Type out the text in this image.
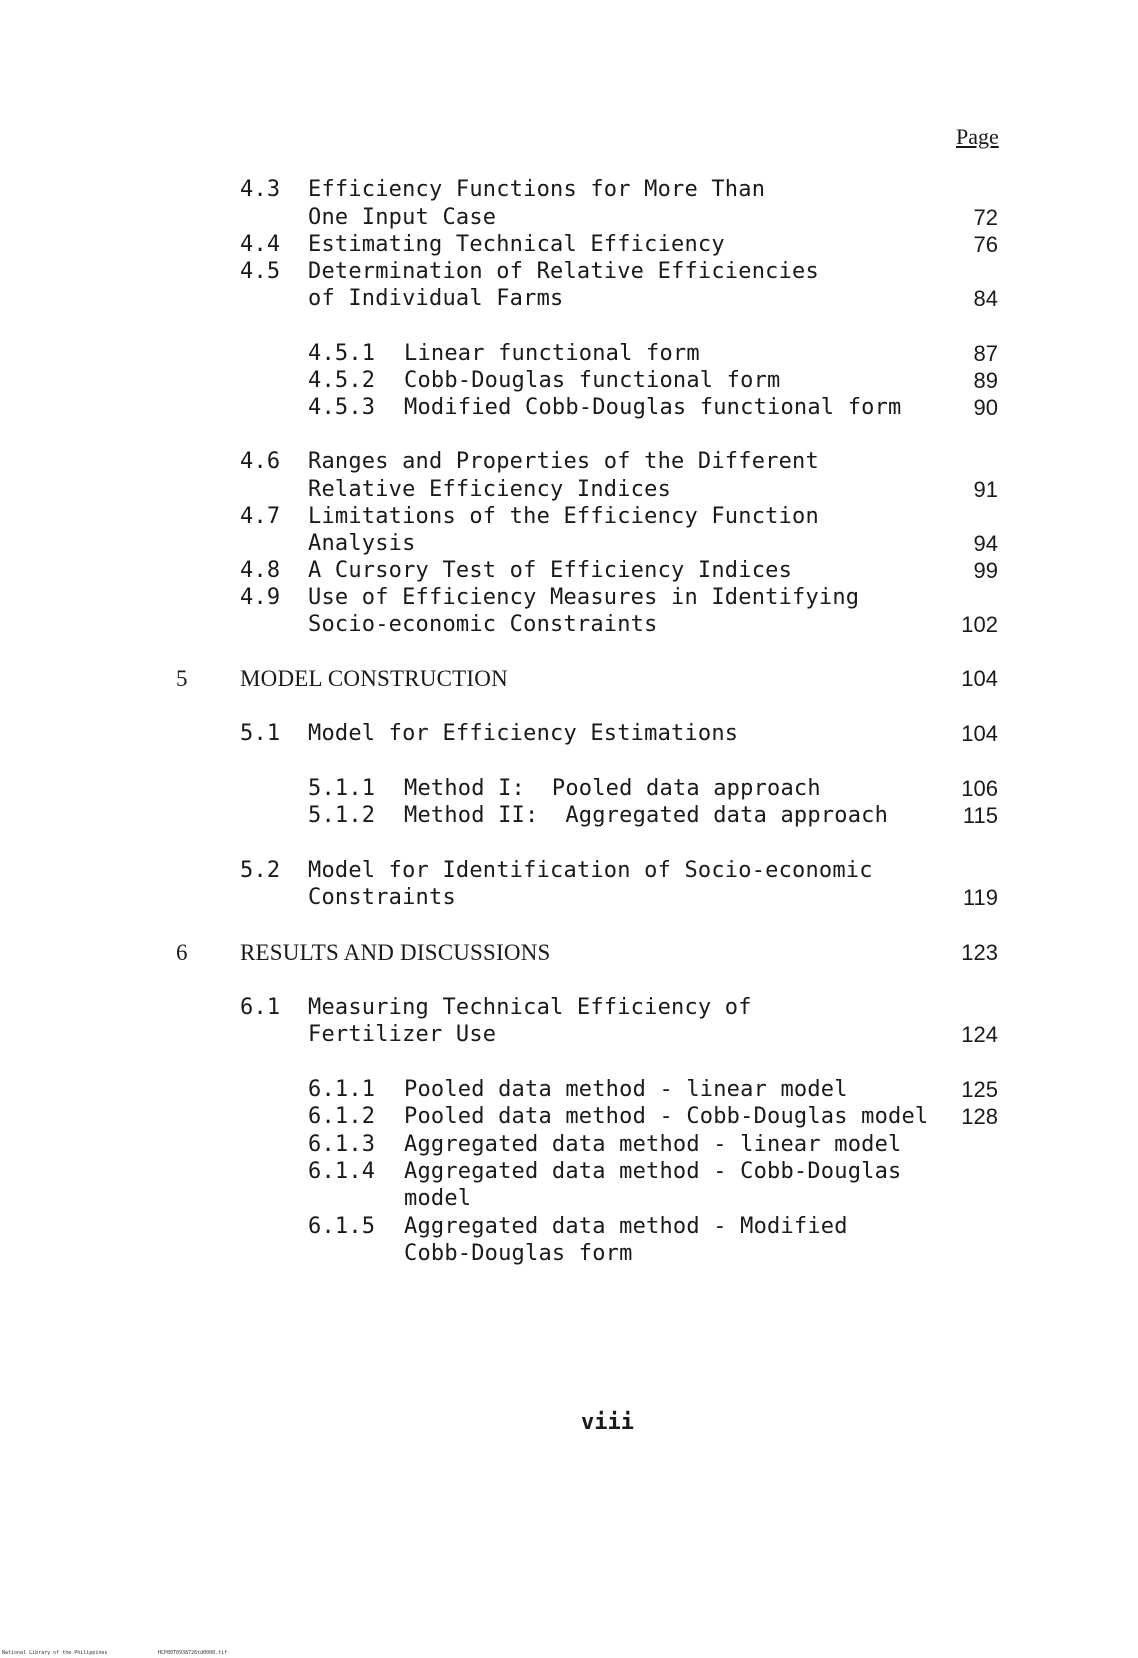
Page
4.3 Efficiency Functions for More Than
One Input Case	72
4.4 Estimating Technical Efficiency	76
4.5 Determination of Relative Efficiencies
of Individual Farms	84
4.5.1 Linear functional form	87
4.5.2 Cobb-Douglas functional form	89
4.5.3 Modified Cobb-Douglas functional form	90
4.6 Ranges and Properties of the Different
Relative Efficiency Indices	91
4.7 Limitations of the Efficiency Function
Analysis	94
4.8 A Cursory Test of Efficiency Indices	99
4.9 Use of Efficiency Measures in Identifying
Socio-economic Constraints	102
5 MODEL CONSTRUCTION	104
5.1 Model for Efficiency Estimations	104
5.1.1 Method I:  Pooled data approach	106
5.1.2 Method II:  Aggregated data approach	115
5.2 Model for Identification of Socio-economic
Constraints	119
6 RESULTS AND DISCUSSIONS	123
6.1 Measuring Technical Efficiency of
Fertilizer Use	124
6.1.1 Pooled data method - linear model	125
6.1.2 Pooled data method - Cobb-Douglas model	128
6.1.3 Aggregated data method - linear model
6.1.4 Aggregated data method - Cobb-Douglas
model
6.1.5 Aggregated data method - Modified
Cobb-Douglas form
viii
National Library of the Philippines	HCP00T0938726td0008.tif
